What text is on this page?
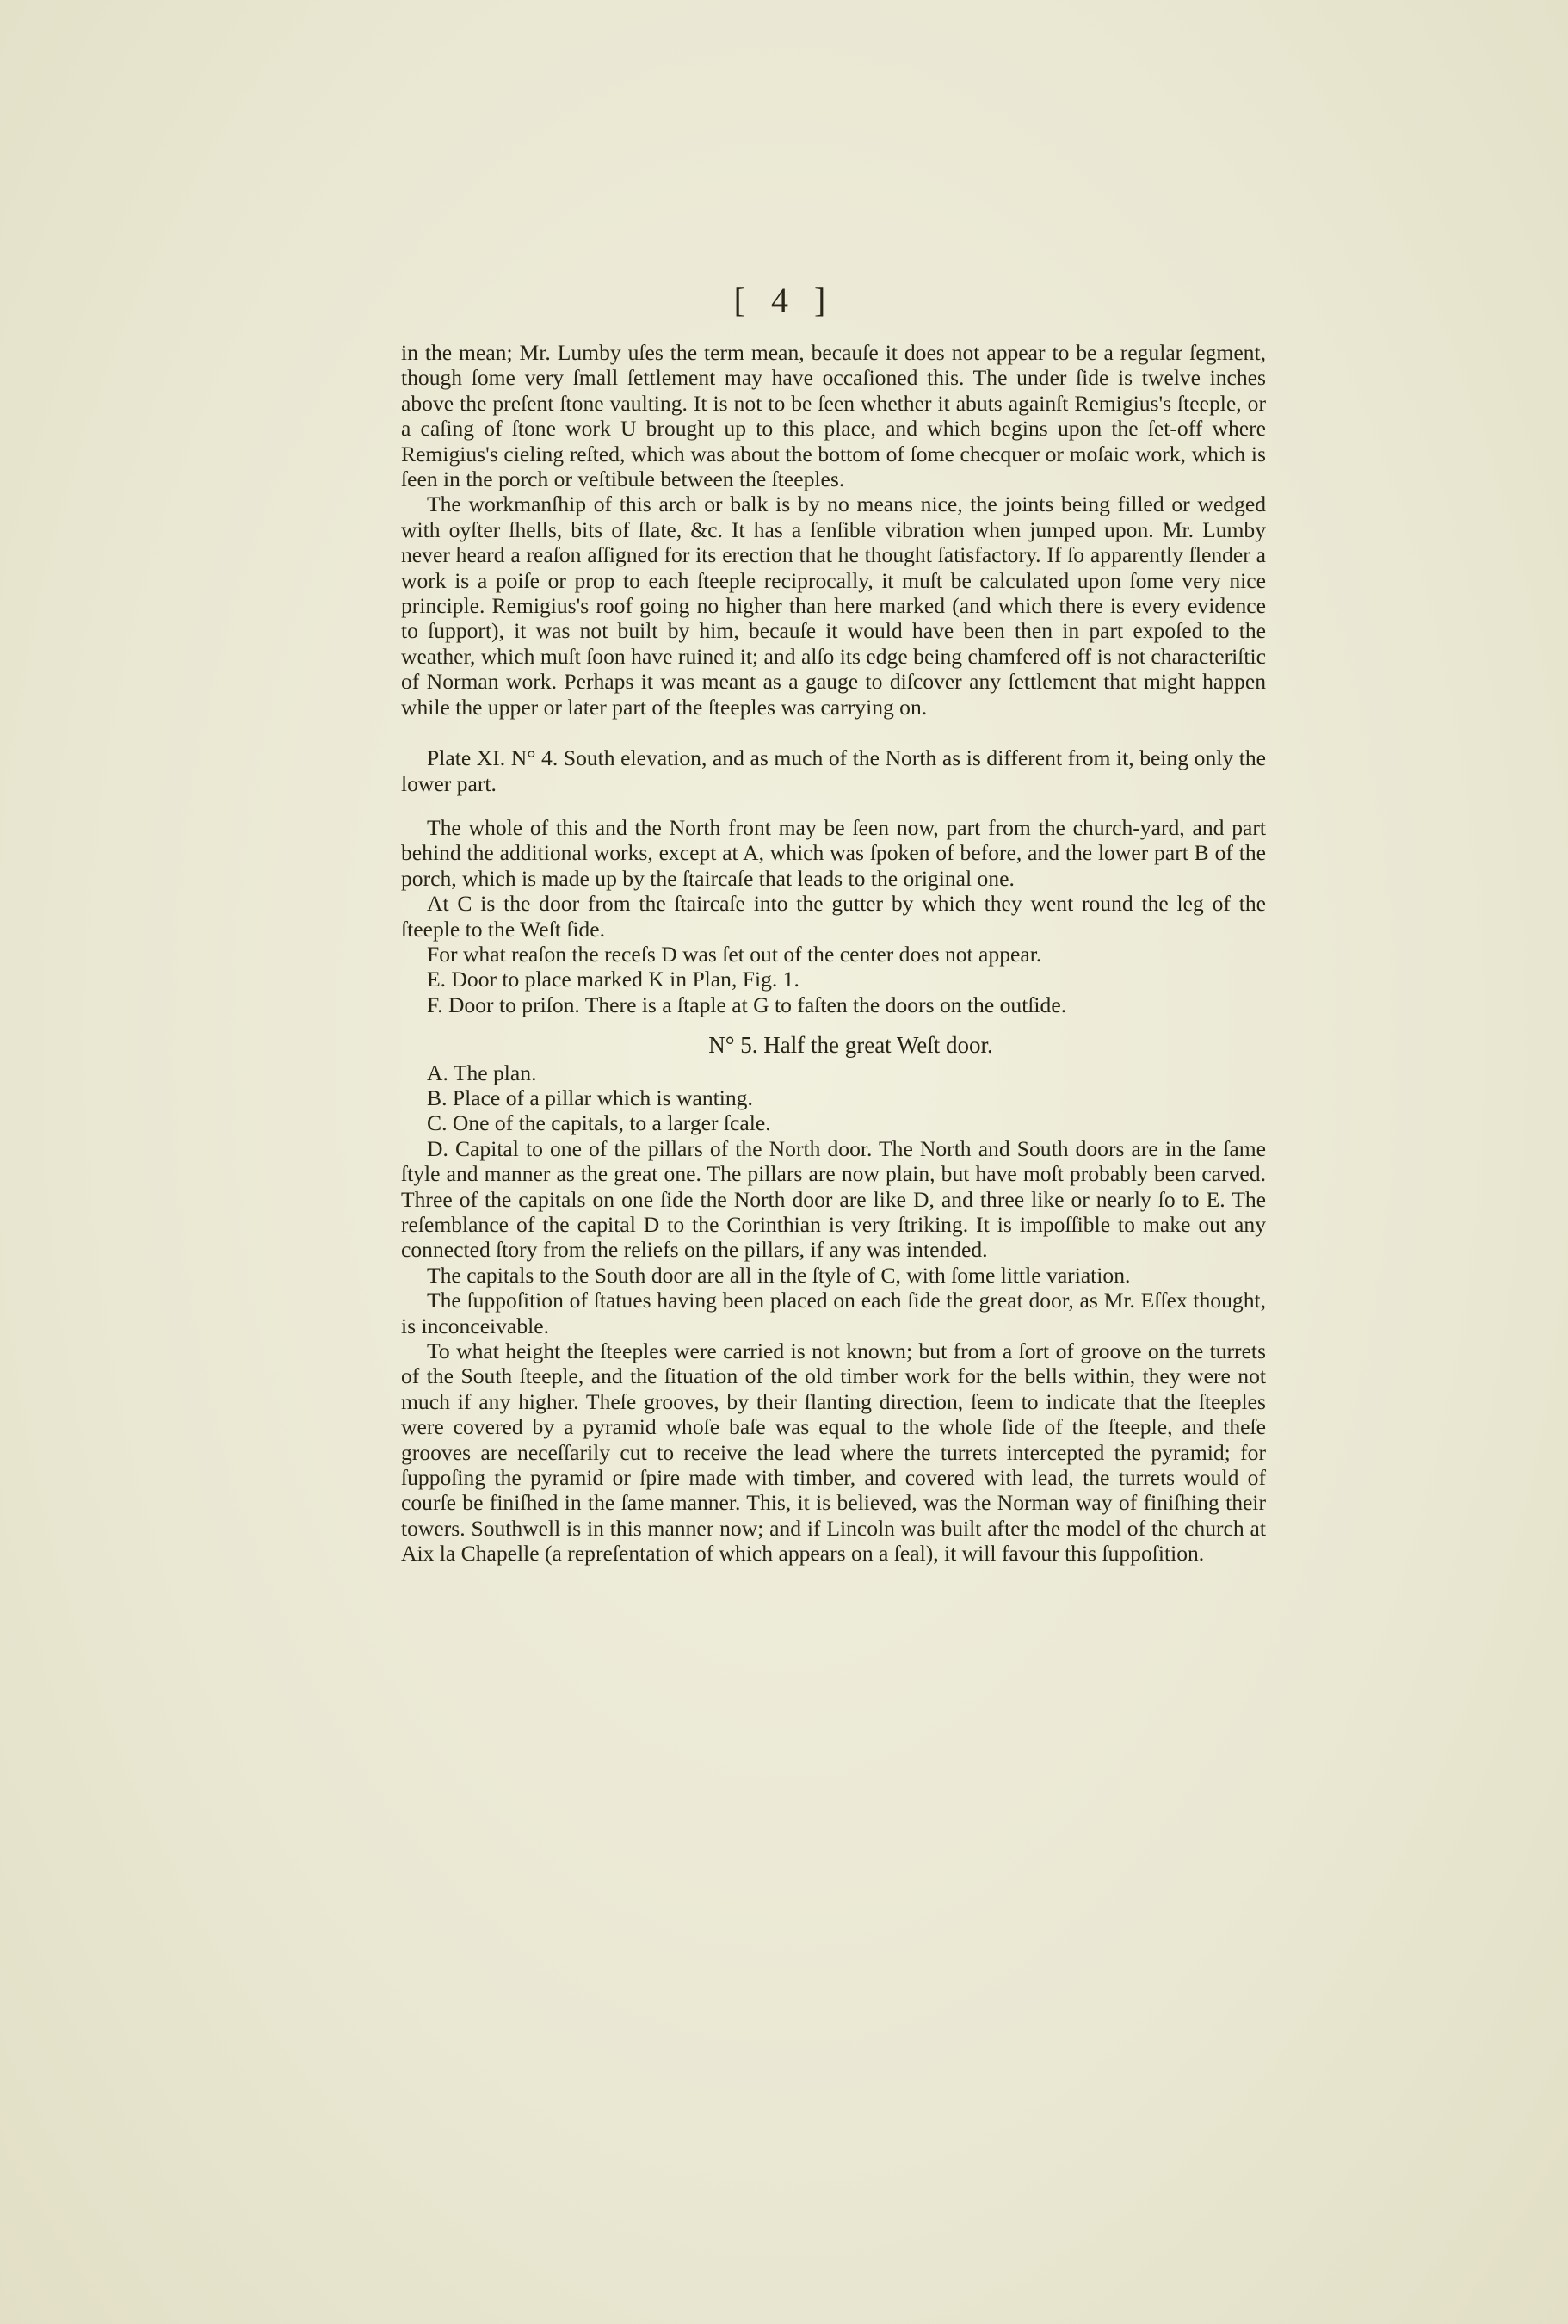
[ 4 ]

in the mean; Mr. Lumby uſes the term mean, becauſe it does not appear to be a regular ſegment, though ſome very ſmall ſettlement may have occaſioned this. The under ſide is twelve inches above the preſent ſtone vaulting. It is not to be ſeen whether it abuts againſt Remigius's ſteeple, or a caſing of ſtone work U brought up to this place, and which begins upon the ſet-off where Remigius's cieling reſted, which was about the bottom of ſome checquer or moſaic work, which is ſeen in the porch or veſtibule between the ſteeples.

The workmanſhip of this arch or balk is by no means nice, the joints being filled or wedged with oyſter ſhells, bits of ſlate, &c. It has a ſenſible vibration when jumped upon. Mr. Lumby never heard a reaſon aſſigned for its erection that he thought ſatisfactory. If ſo apparently ſlender a work is a poiſe or prop to each ſteeple reciprocally, it muſt be calculated upon ſome very nice principle. Remigius's roof going no higher than here marked (and which there is every evidence to ſupport), it was not built by him, becauſe it would have been then in part expoſed to the weather, which muſt ſoon have ruined it; and alſo its edge being chamfered off is not characteriſtic of Norman work. Perhaps it was meant as a gauge to diſcover any ſettlement that might happen while the upper or later part of the ſteeples was carrying on.

Plate XI. N° 4. South elevation, and as much of the North as is different from it, being only the lower part.

The whole of this and the North front may be ſeen now, part from the church-yard, and part behind the additional works, except at A, which was ſpoken of before, and the lower part B of the porch, which is made up by the ſtaircaſe that leads to the original one.

At C is the door from the ſtaircaſe into the gutter by which they went round the leg of the ſteeple to the Weſt ſide.

For what reaſon the receſs D was ſet out of the center does not appear.

E. Door to place marked K in Plan, Fig. 1.

F. Door to priſon. There is a ſtaple at G to faſten the doors on the outſide.

N° 5. Half the great Weſt door.

A. The plan.

B. Place of a pillar which is wanting.

C. One of the capitals, to a larger ſcale.

D. Capital to one of the pillars of the North door. The North and South doors are in the ſame ſtyle and manner as the great one. The pillars are now plain, but have moſt probably been carved. Three of the capitals on one ſide the North door are like D, and three like or nearly ſo to E. The reſemblance of the capital D to the Corinthian is very ſtriking. It is impoſſible to make out any connected ſtory from the reliefs on the pillars, if any was intended.

The capitals to the South door are all in the ſtyle of C, with ſome little variation.

The ſuppoſition of ſtatues having been placed on each ſide the great door, as Mr. Eſſex thought, is inconceivable.

To what height the ſteeples were carried is not known; but from a ſort of groove on the turrets of the South ſteeple, and the ſituation of the old timber work for the bells within, they were not much if any higher. Theſe grooves, by their ſlanting direction, ſeem to indicate that the ſteeples were covered by a pyramid whoſe baſe was equal to the whole ſide of the ſteeple, and theſe grooves are neceſſarily cut to receive the lead where the turrets intercepted the pyramid; for ſuppoſing the pyramid or ſpire made with timber, and covered with lead, the turrets would of courſe be finiſhed in the ſame manner. This, it is believed, was the Norman way of finiſhing their towers. Southwell is in this manner now; and if Lincoln was built after the model of the church at Aix la Chapelle (a repreſentation of which appears on a ſeal), it will favour this ſuppoſition.
